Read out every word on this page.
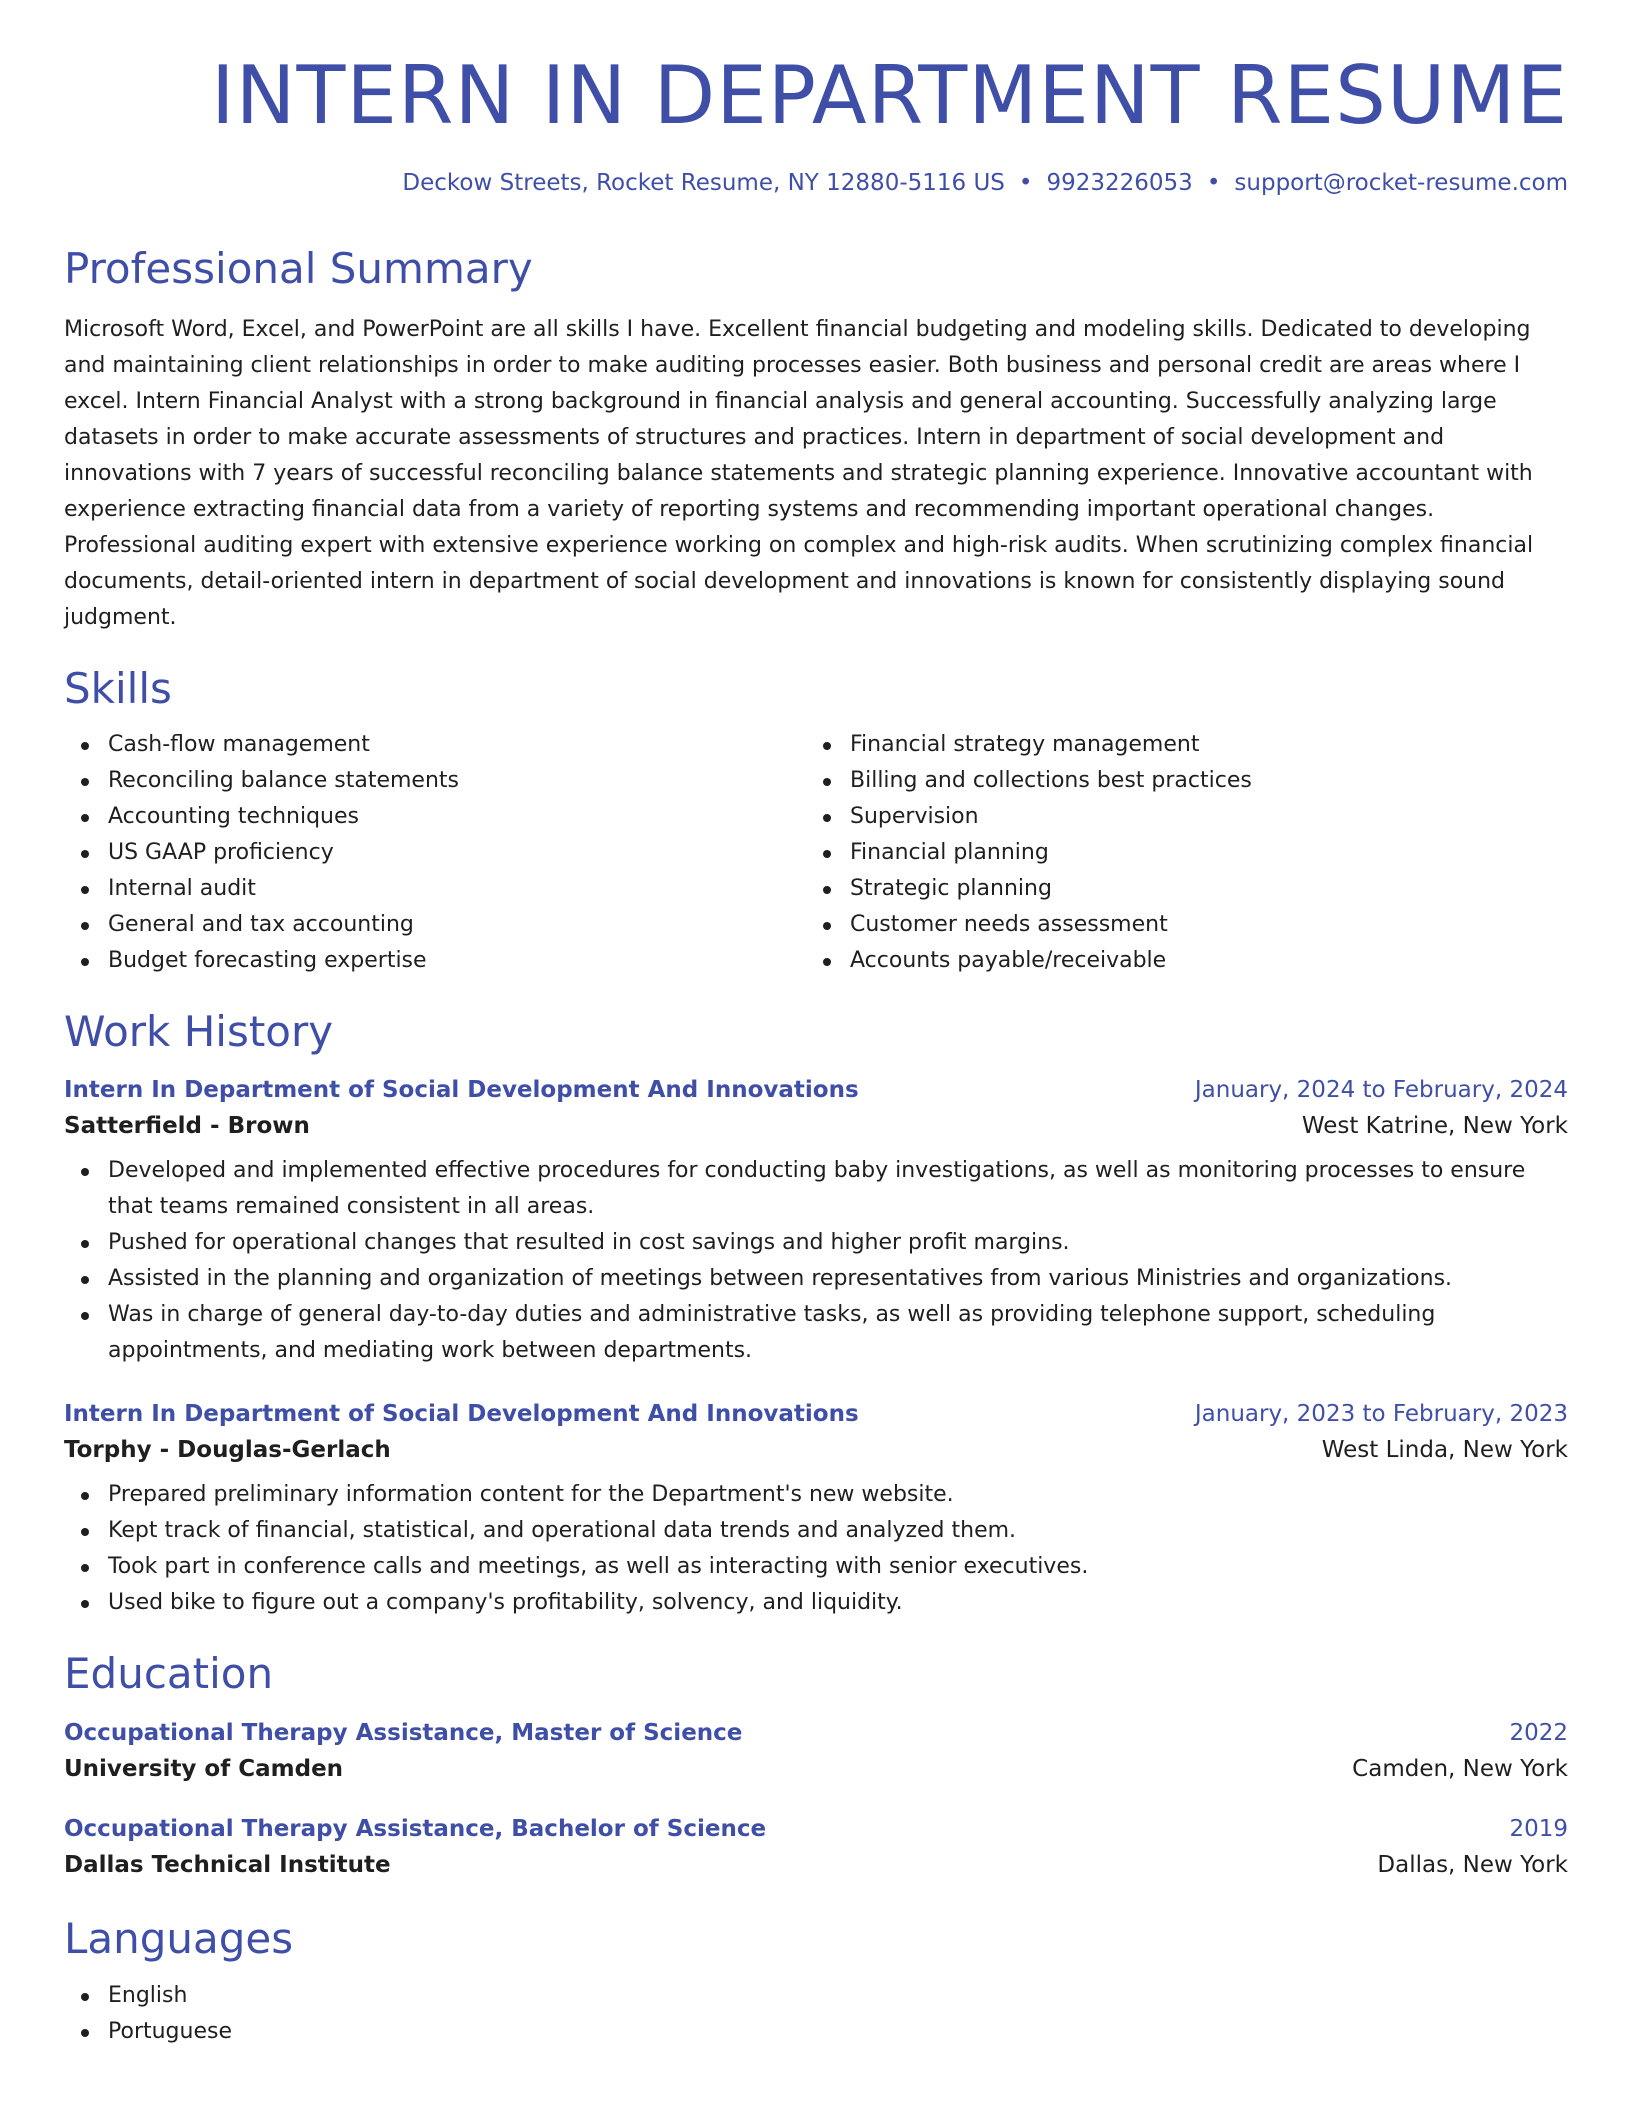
INTERN IN DEPARTMENT RESUME
Deckow Streets, Rocket Resume, NY 12880-5116 US • 9923226053 • support@rocket-resume.com
Professional Summary

Microsoft Word, Excel, and PowerPoint are all skills I have. Excellent financial budgeting and modeling skills. Dedicated to developing and maintaining client relationships in order to make auditing processes easier. Both business and personal credit are areas where I excel. Intern Financial Analyst with a strong background in financial analysis and general accounting. Successfully analyzing large datasets in order to make accurate assessments of structures and practices. Intern in department of social development and innovations with 7 years of successful reconciling balance statements and strategic planning experience. Innovative accountant with experience extracting financial data from a variety of reporting systems and recommending important operational changes. Professional auditing expert with extensive experience working on complex and high-risk audits. When scrutinizing complex financial documents, detail-oriented intern in department of social development and innovations is known for consistently displaying sound judgment.

Skills
Cash-flow management
Reconciling balance statements
Accounting techniques
US GAAP proficiency
Internal audit
General and tax accounting
Budget forecasting expertise
Financial strategy management
Billing and collections best practices
Supervision
Financial planning
Strategic planning
Customer needs assessment
Accounts payable/receivable
Work History
Intern In Department of Social Development And Innovations	January, 2024 to February, 2024
Satterfield - Brown	West Katrine, New York
Developed and implemented effective procedures for conducting baby investigations, as well as monitoring processes to ensure that teams remained consistent in all areas.
Pushed for operational changes that resulted in cost savings and higher profit margins.
Assisted in the planning and organization of meetings between representatives from various Ministries and organizations.
Was in charge of general day-to-day duties and administrative tasks, as well as providing telephone support, scheduling appointments, and mediating work between departments.
Intern In Department of Social Development And Innovations	January, 2023 to February, 2023
Torphy - Douglas-Gerlach	West Linda, New York
Prepared preliminary information content for the Department's new website.
Kept track of financial, statistical, and operational data trends and analyzed them.
Took part in conference calls and meetings, as well as interacting with senior executives.
Used bike to figure out a company's profitability, solvency, and liquidity.
Education
Occupational Therapy Assistance, Master of Science	2022
University of Camden	Camden, New York
Occupational Therapy Assistance, Bachelor of Science	2019
Dallas Technical Institute	Dallas, New York
Languages
English
Portuguese
